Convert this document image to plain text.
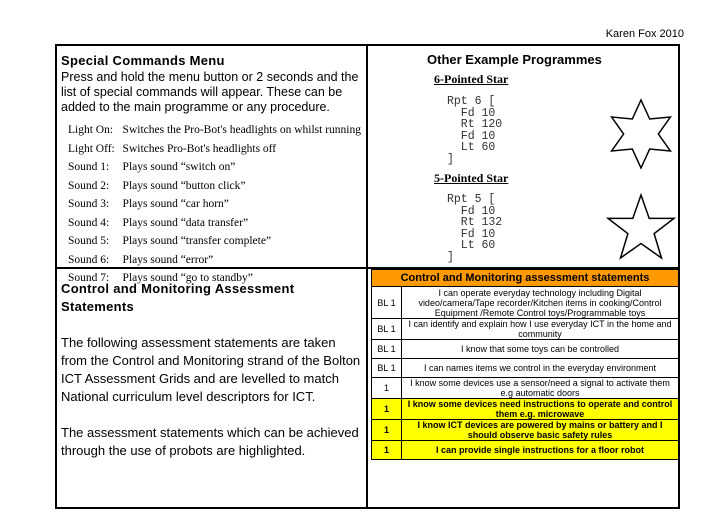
Karen Fox 2010
Special Commands Menu

Press and hold the menu button or 2 seconds and the list of special commands will appear. These can be added to the main programme or any procedure.

Light On:	Switches the Pro-Bot's headlights on whilst running
Light Off:	Switches Pro-Bot's headlights off
Sound 1:	Plays sound “switch on”
Sound 2:	Plays sound “button click”
Sound 3:	Plays sound “car horn”
Sound 4:	Plays sound “data transfer”
Sound 5:	Plays sound “transfer complete”
Sound 6:	Plays sound “error”
Sound 7:	Plays sound “go to standby”
Other Example Programmes
6-Pointed Star
Rpt 6 [
Fd 10
Rt 120
Fd 10
Lt 60
]
5-Pointed Star
Rpt 5 [
Fd 10
Rt 132
Fd 10
Lt 60
]
Control and Monitoring Assessment Statements

The following assessment statements are taken from the Control and Monitoring strand of the Bolton ICT Assessment Grids and are levelled to match National curriculum level descriptors for ICT.

The assessment statements which can be achieved through the use of probots are highlighted.

Control and Monitoring assessment statements	
BL 1	I can operate everyday technology including Digital video/camera/Tape recorder/Kitchen items in cooking/Control Equipment /Remote Control toys/Programmable toys
BL 1	I can identify and explain how I use everyday ICT in the home and community
BL 1	I know that some toys can be controlled
BL 1	I can names items we control in the everyday environment
1	I know some devices use a sensor/need a signal to activate them e.g automatic doors
1	I know some devices need instructions to operate and control them e.g. microwave
1	I know ICT devices are powered by mains or battery and I should observe basic safety rules
1	I can provide single instructions for a floor robot
